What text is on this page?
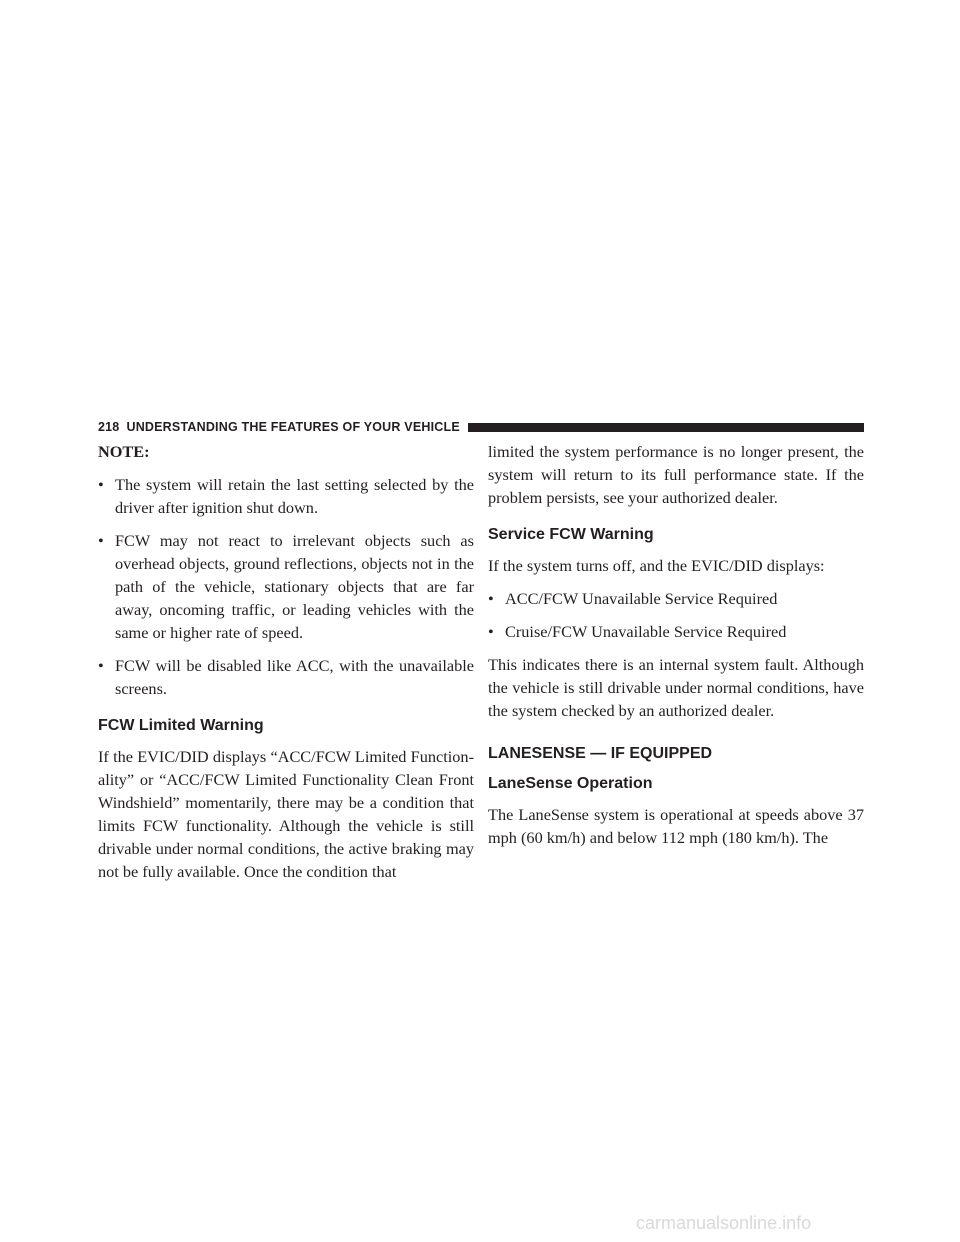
218 UNDERSTANDING THE FEATURES OF YOUR VEHICLE

NOTE:

• The system will retain the last setting selected by the driver after ignition shut down.
• FCW may not react to irrelevant objects such as overhead objects, ground reflections, objects not in the path of the vehicle, stationary objects that are far away, oncoming traffic, or leading vehicles with the same or higher rate of speed.
• FCW will be disabled like ACC, with the unavailable screens.
FCW Limited Warning

If the EVIC/DID displays “ACC/FCW Limited Function-ality” or “ACC/FCW Limited Functionality Clean Front Windshield” momentarily, there may be a condition that limits FCW functionality. Although the vehicle is still drivable under normal conditions, the active braking may not be fully available. Once the condition that

limited the system performance is no longer present, the system will return to its full performance state. If the problem persists, see your authorized dealer.

Service FCW Warning

If the system turns off, and the EVIC/DID displays:

• ACC/FCW Unavailable Service Required
• Cruise/FCW Unavailable Service Required

This indicates there is an internal system fault. Although the vehicle is still drivable under normal conditions, have the system checked by an authorized dealer.

LANESENSE — IF EQUIPPED
LaneSense Operation

The LaneSense system is operational at speeds above 37 mph (60 km/h) and below 112 mph (180 km/h). The

carmanualsonline.info
